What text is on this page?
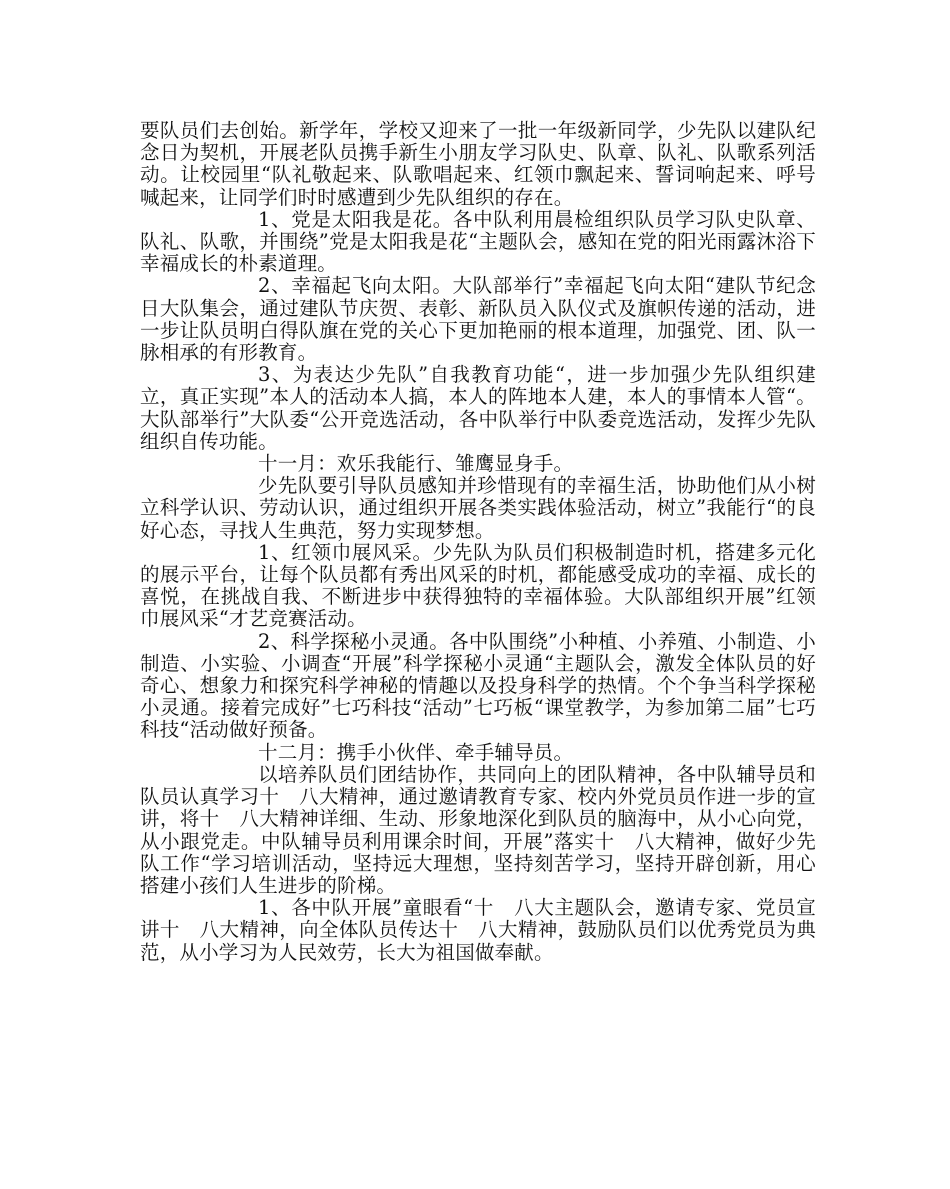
要队员们去创始。新学年，学校又迎来了一批一年级新同学，少先队以建队纪念日为契机，开展老队员携手新生小朋友学习队史、队章、队礼、队歌系列活动。让校园里“队礼敬起来、队歌唱起来、红领巾飘起来、誓词响起来、呼号喊起来，让同学们时时感遭到少先队组织的存在。

1、党是太阳我是花。各中队利用晨检组织队员学习队史队章、队礼、队歌，并围绕”党是太阳我是花“主题队会，感知在党的阳光雨露沐浴下幸福成长的朴素道理。

2、幸福起飞向太阳。大队部举行”幸福起飞向太阳“建队节纪念日大队集会，通过建队节庆贺、表彰、新队员入队仪式及旗帜传递的活动，进一步让队员明白得队旗在党的关心下更加艳丽的根本道理，加强党、团、队一脉相承的有形教育。

3、为表达少先队”自我教育功能“，进一步加强少先队组织建立，真正实现”本人的活动本人搞，本人的阵地本人建，本人的事情本人管“。大队部举行”大队委“公开竞选活动，各中队举行中队委竞选活动，发挥少先队组织自传功能。

十一月：欢乐我能行、雏鹰显身手。

少先队要引导队员感知并珍惜现有的幸福生活，协助他们从小树立科学认识、劳动认识，通过组织开展各类实践体验活动，树立”我能行“的良好心态，寻找人生典范，努力实现梦想。

1、红领巾展风采。少先队为队员们积极制造时机，搭建多元化的展示平台，让每个队员都有秀出风采的时机，都能感受成功的幸福、成长的喜悦，在挑战自我、不断进步中获得独特的幸福体验。大队部组织开展”红领巾展风采“才艺竞赛活动。

2、科学探秘小灵通。各中队围绕”小种植、小养殖、小制造、小制造、小实验、小调查“开展”科学探秘小灵通“主题队会，激发全体队员的好奇心、想象力和探究科学神秘的情趣以及投身科学的热情。个个争当科学探秘小灵通。接着完成好”七巧科技“活动”七巧板“课堂教学，为参加第二届”七巧科技“活动做好预备。

十二月：携手小伙伴、牵手辅导员。

以培养队员们团结协作，共同向上的团队精神，各中队辅导员和队员认真学习十　八大精神，通过邀请教育专家、校内外党员员作进一步的宣讲，将十　八大精神详细、生动、形象地深化到队员的脑海中，从小心向党，从小跟党走。中队辅导员利用课余时间，开展”落实十　八大精神，做好少先队工作“学习培训活动，坚持远大理想，坚持刻苦学习，坚持开辟创新，用心搭建小孩们人生进步的阶梯。

1、各中队开展”童眼看“十　八大主题队会，邀请专家、党员宣讲十　八大精神，向全体队员传达十　八大精神，鼓励队员们以优秀党员为典范，从小学习为人民效劳，长大为祖国做奉献。
